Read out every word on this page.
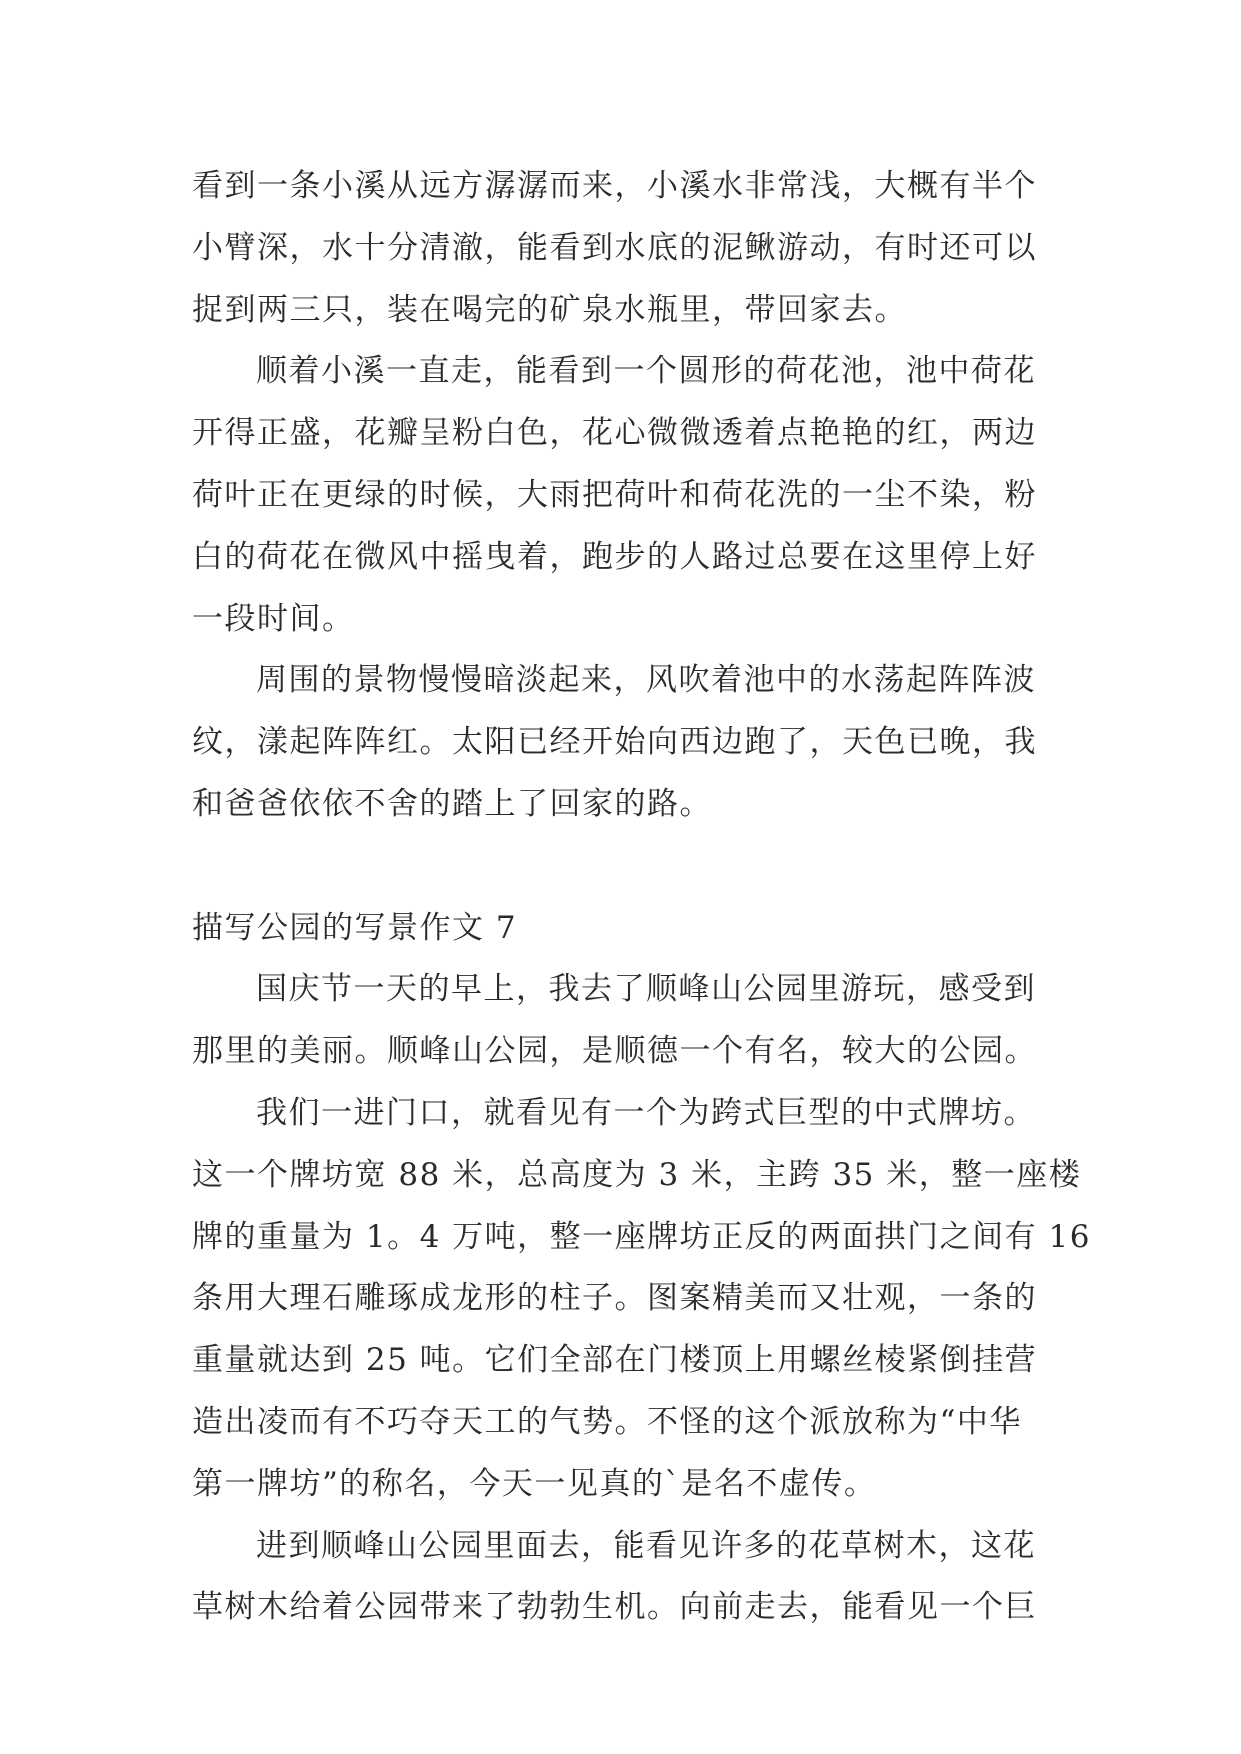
看到一条小溪从远方潺潺而来，小溪水非常浅，大概有半个
小臂深，水十分清澈，能看到水底的泥鳅游动，有时还可以
捉到两三只，装在喝完的矿泉水瓶里，带回家去。
顺着小溪一直走，能看到一个圆形的荷花池，池中荷花
开得正盛，花瓣呈粉白色，花心微微透着点艳艳的红，两边
荷叶正在更绿的时候，大雨把荷叶和荷花洗的一尘不染，粉
白的荷花在微风中摇曳着，跑步的人路过总要在这里停上好
一段时间。
周围的景物慢慢暗淡起来，风吹着池中的水荡起阵阵波
纹，漾起阵阵红。太阳已经开始向西边跑了，天色已晚，我
和爸爸依依不舍的踏上了回家的路。
描写公园的写景作文 7
国庆节一天的早上，我去了顺峰山公园里游玩，感受到
那里的美丽。顺峰山公园，是顺德一个有名，较大的公园。
我们一进门口，就看见有一个为跨式巨型的中式牌坊。
这一个牌坊宽 88 米，总高度为 3 米，主跨 35 米，整一座楼
牌的重量为 1。4 万吨，整一座牌坊正反的两面拱门之间有 16
条用大理石雕琢成龙形的柱子。图案精美而又壮观，一条的
重量就达到 25 吨。它们全部在门楼顶上用螺丝棱紧倒挂营
造出凌而有不巧夺天工的气势。不怪的这个派放称为“中华
第一牌坊”的称名，今天一见真的`是名不虚传。
进到顺峰山公园里面去，能看见许多的花草树木，这花
草树木给着公园带来了勃勃生机。向前走去，能看见一个巨
